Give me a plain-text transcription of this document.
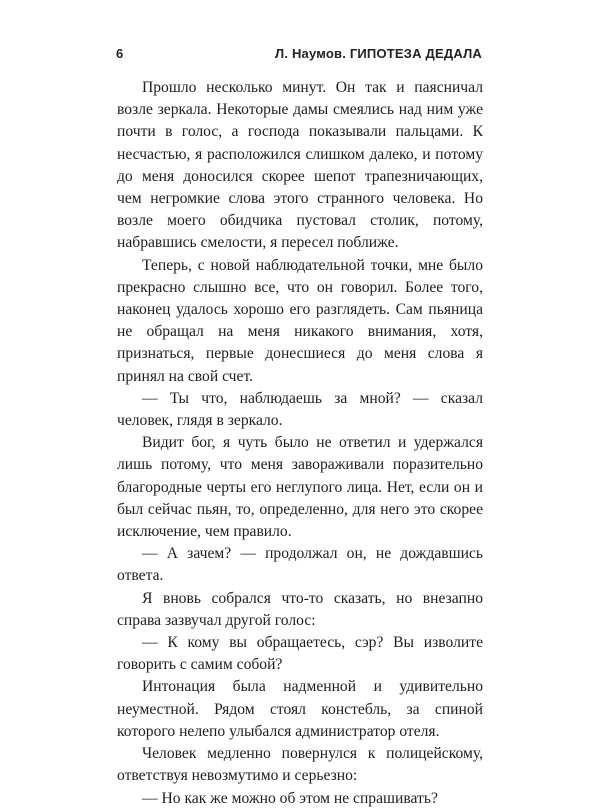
6	Л. Наумов. ГИПОТЕЗА ДЕДАЛА

Прошло несколько минут. Он так и паясничал возле зеркала. Некоторые дамы смеялись над ним уже почти в голос, а господа показывали пальцами. К несчастью, я расположился слишком далеко, и потому до меня доносился скорее шепот трапезничающих, чем негромкие слова этого странного человека. Но возле моего обидчика пустовал столик, потому, набравшись смелости, я пересел поближе.

Теперь, с новой наблюдательной точки, мне было прекрасно слышно все, что он говорил. Более того, наконец удалось хорошо его разглядеть. Сам пьяница не обращал на меня никакого внимания, хотя, признаться, первые донесшиеся до меня слова я принял на свой счет.

— Ты что, наблюдаешь за мной? — сказал человек, глядя в зеркало.

Видит бог, я чуть было не ответил и удержался лишь потому, что меня завораживали поразительно благородные черты его неглупого лица. Нет, если он и был сейчас пьян, то, определенно, для него это скорее исключение, чем правило.

— А зачем? — продолжал он, не дождавшись ответа.

Я вновь собрался что-то сказать, но внезапно справа зазвучал другой голос:

— К кому вы обращаетесь, сэр? Вы изволите говорить с самим собой?

Интонация была надменной и удивительно неуместной. Рядом стоял констебль, за спиной которого нелепо улыбался администратор отеля.

Человек медленно повернулся к полицейскому, ответствуя невозмутимо и серьезно:

— Но как же можно об этом не спрашивать?
